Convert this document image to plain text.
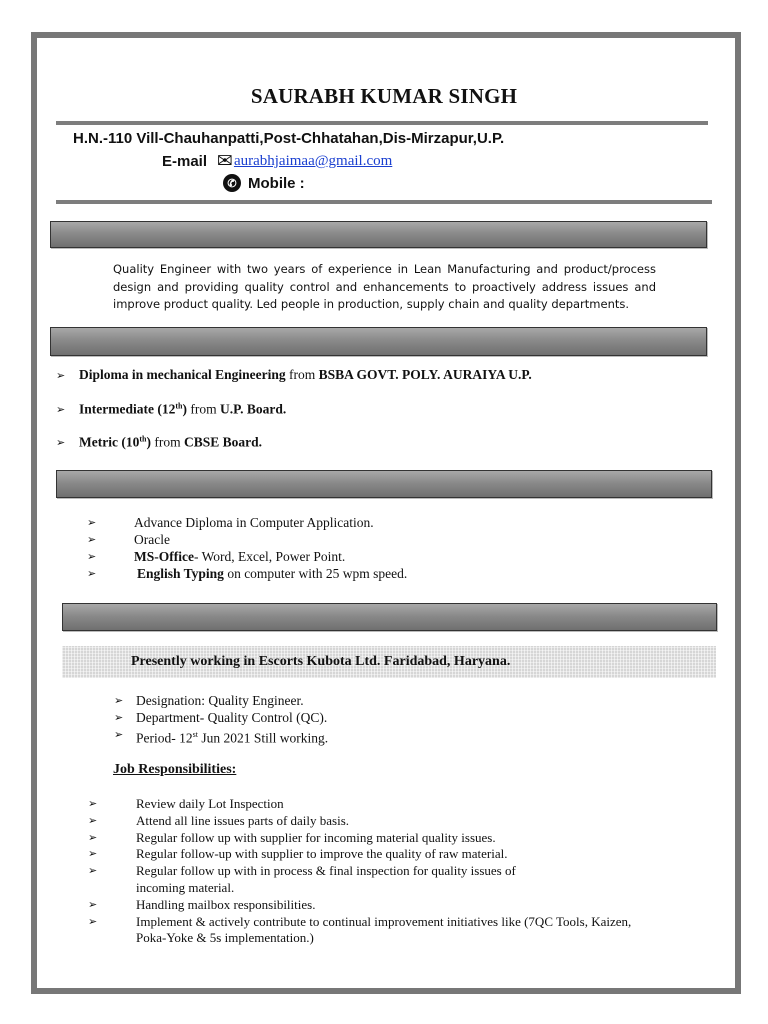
SAURABH KUMAR SINGH
H.N.-110 Vill-Chauhanpatti,Post-Chhatahan,Dis-Mirzapur,U.P.
E-mail ✉ aurabhjaimaa@gmail.com
✆ Mobile :
Quality Engineer with two years of experience in Lean Manufacturing and product/process design and providing quality control and enhancements to proactively address issues and improve product quality. Led people in production, supply chain and quality departments.
➢	Diploma in mechanical Engineering from BSBA GOVT. POLY. AURAIYA U.P.
➢	Intermediate (12th) from U.P. Board.
➢	Metric (10th) from CBSE Board.
➢	Advance Diploma in Computer Application.
➢	Oracle
➢	MS-Office- Word, Excel, Power Point.
➢	English Typing on computer with 25 wpm speed.
Presently working in Escorts Kubota Ltd. Faridabad, Haryana.
➢ Designation: Quality Engineer.
➢ Department- Quality Control (QC).
➢ Period- 12st Jun 2021 Still working.
Job Responsibilities:
➢	Review daily Lot Inspection
➢	Attend all line issues parts of daily basis.
➢	Regular follow up with supplier for incoming material quality issues.
➢	Regular follow-up with supplier to improve the quality of raw material.
➢	Regular follow up with in process & final inspection for quality issues of incoming material.
➢	Handling mailbox responsibilities.
➢	Implement & actively contribute to continual improvement initiatives like (7QC Tools, Kaizen, Poka-Yoke & 5s implementation.)
